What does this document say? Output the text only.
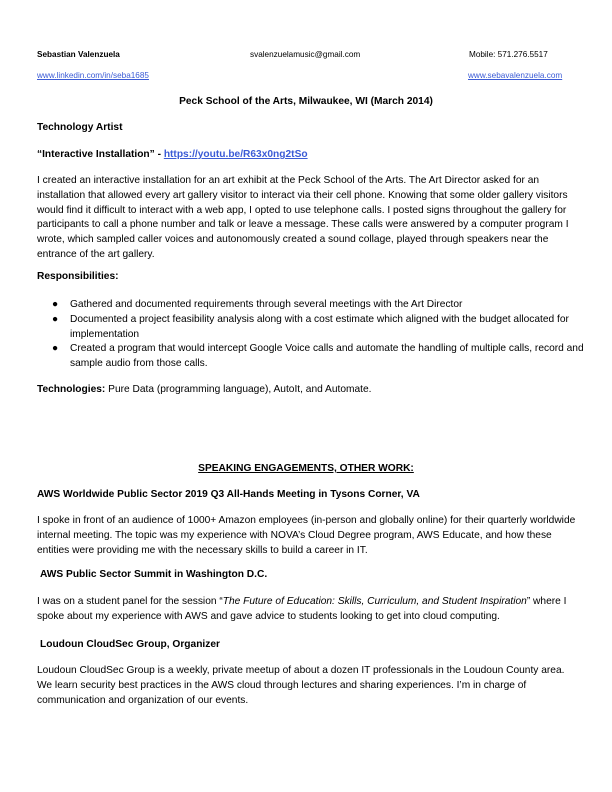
Sebastian Valenzuela	svalenzuelamusic@gmail.com	Mobile: 571.276.5517
www.linkedin.com/in/seba1685	www.sebavalenzuela.com
Peck School of the Arts, Milwaukee, WI (March 2014)
Technology Artist
“Interactive Installation” - https://youtu.be/R63x0ng2tSo
I created an interactive installation for an art exhibit at the Peck School of the Arts. The Art Director asked for an installation that allowed every art gallery visitor to interact via their cell phone. Knowing that some older gallery visitors would find it difficult to interact with a web app, I opted to use telephone calls. I posted signs throughout the gallery for participants to call a phone number and talk or leave a message. These calls were answered by a computer program I wrote, which sampled caller voices and autonomously created a sound collage, played through speakers near the entrance of the art gallery.
Responsibilities:
● Gathered and documented requirements through several meetings with the Art Director
● Documented a project feasibility analysis along with a cost estimate which aligned with the budget allocated for implementation
● Created a program that would intercept Google Voice calls and automate the handling of multiple calls, record and sample audio from those calls.
Technologies: Pure Data (programming language), AutoIt, and Automate.
SPEAKING ENGAGEMENTS, OTHER WORK:
AWS Worldwide Public Sector 2019 Q3 All-Hands Meeting in Tysons Corner, VA
I spoke in front of an audience of 1000+ Amazon employees (in-person and globally online) for their quarterly worldwide internal meeting. The topic was my experience with NOVA’s Cloud Degree program, AWS Educate, and how these entities were providing me with the necessary skills to build a career in IT.
AWS Public Sector Summit in Washington D.C.
I was on a student panel for the session “The Future of Education: Skills, Curriculum, and Student Inspiration” where I spoke about my experience with AWS and gave advice to students looking to get into cloud computing.
Loudoun CloudSec Group, Organizer
Loudoun CloudSec Group is a weekly, private meetup of about a dozen IT professionals in the Loudoun County area. We learn security best practices in the AWS cloud through lectures and sharing experiences. I’m in charge of communication and organization of our events.
